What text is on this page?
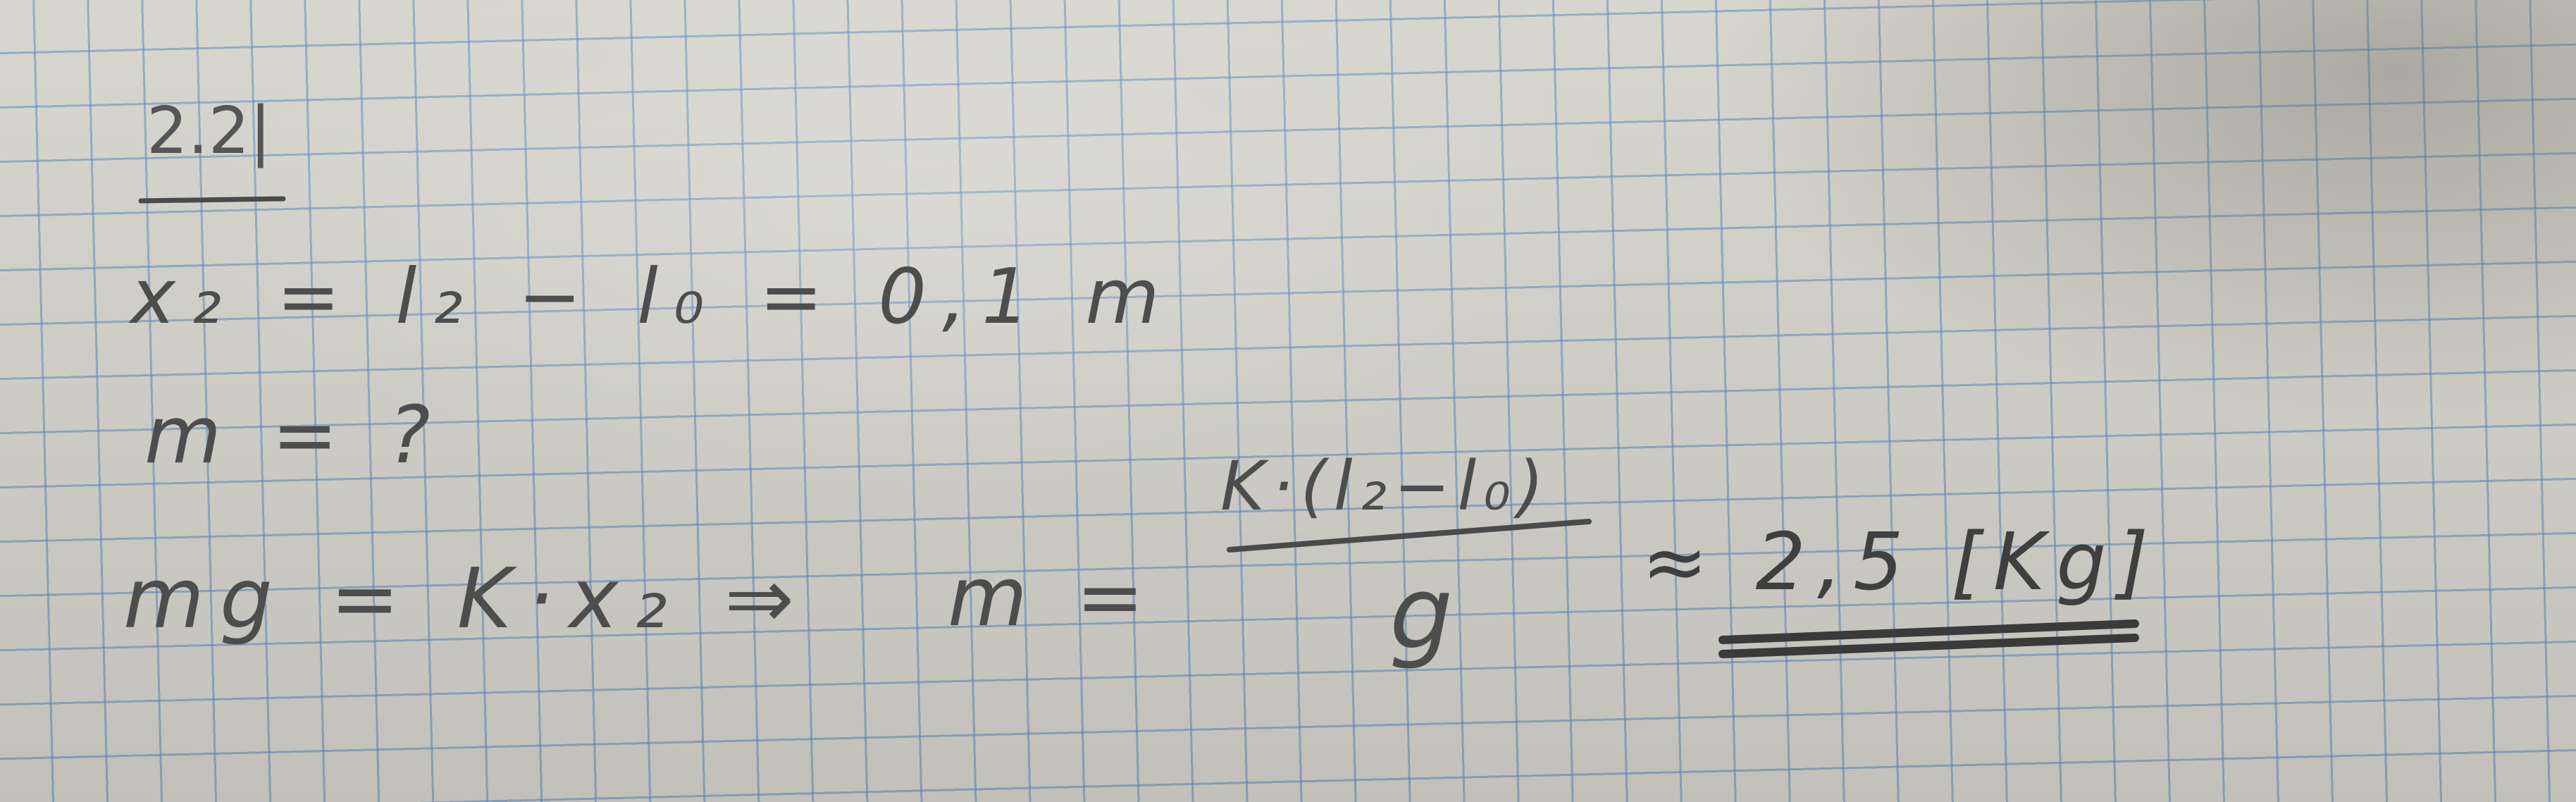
2.2|
x₂ = l₂ − l₀ = 0,1 m
m = ?
mg = K·x₂ ⇒ m =
K·(l₂−l₀)
g ≈ 2,5 [Kg]
